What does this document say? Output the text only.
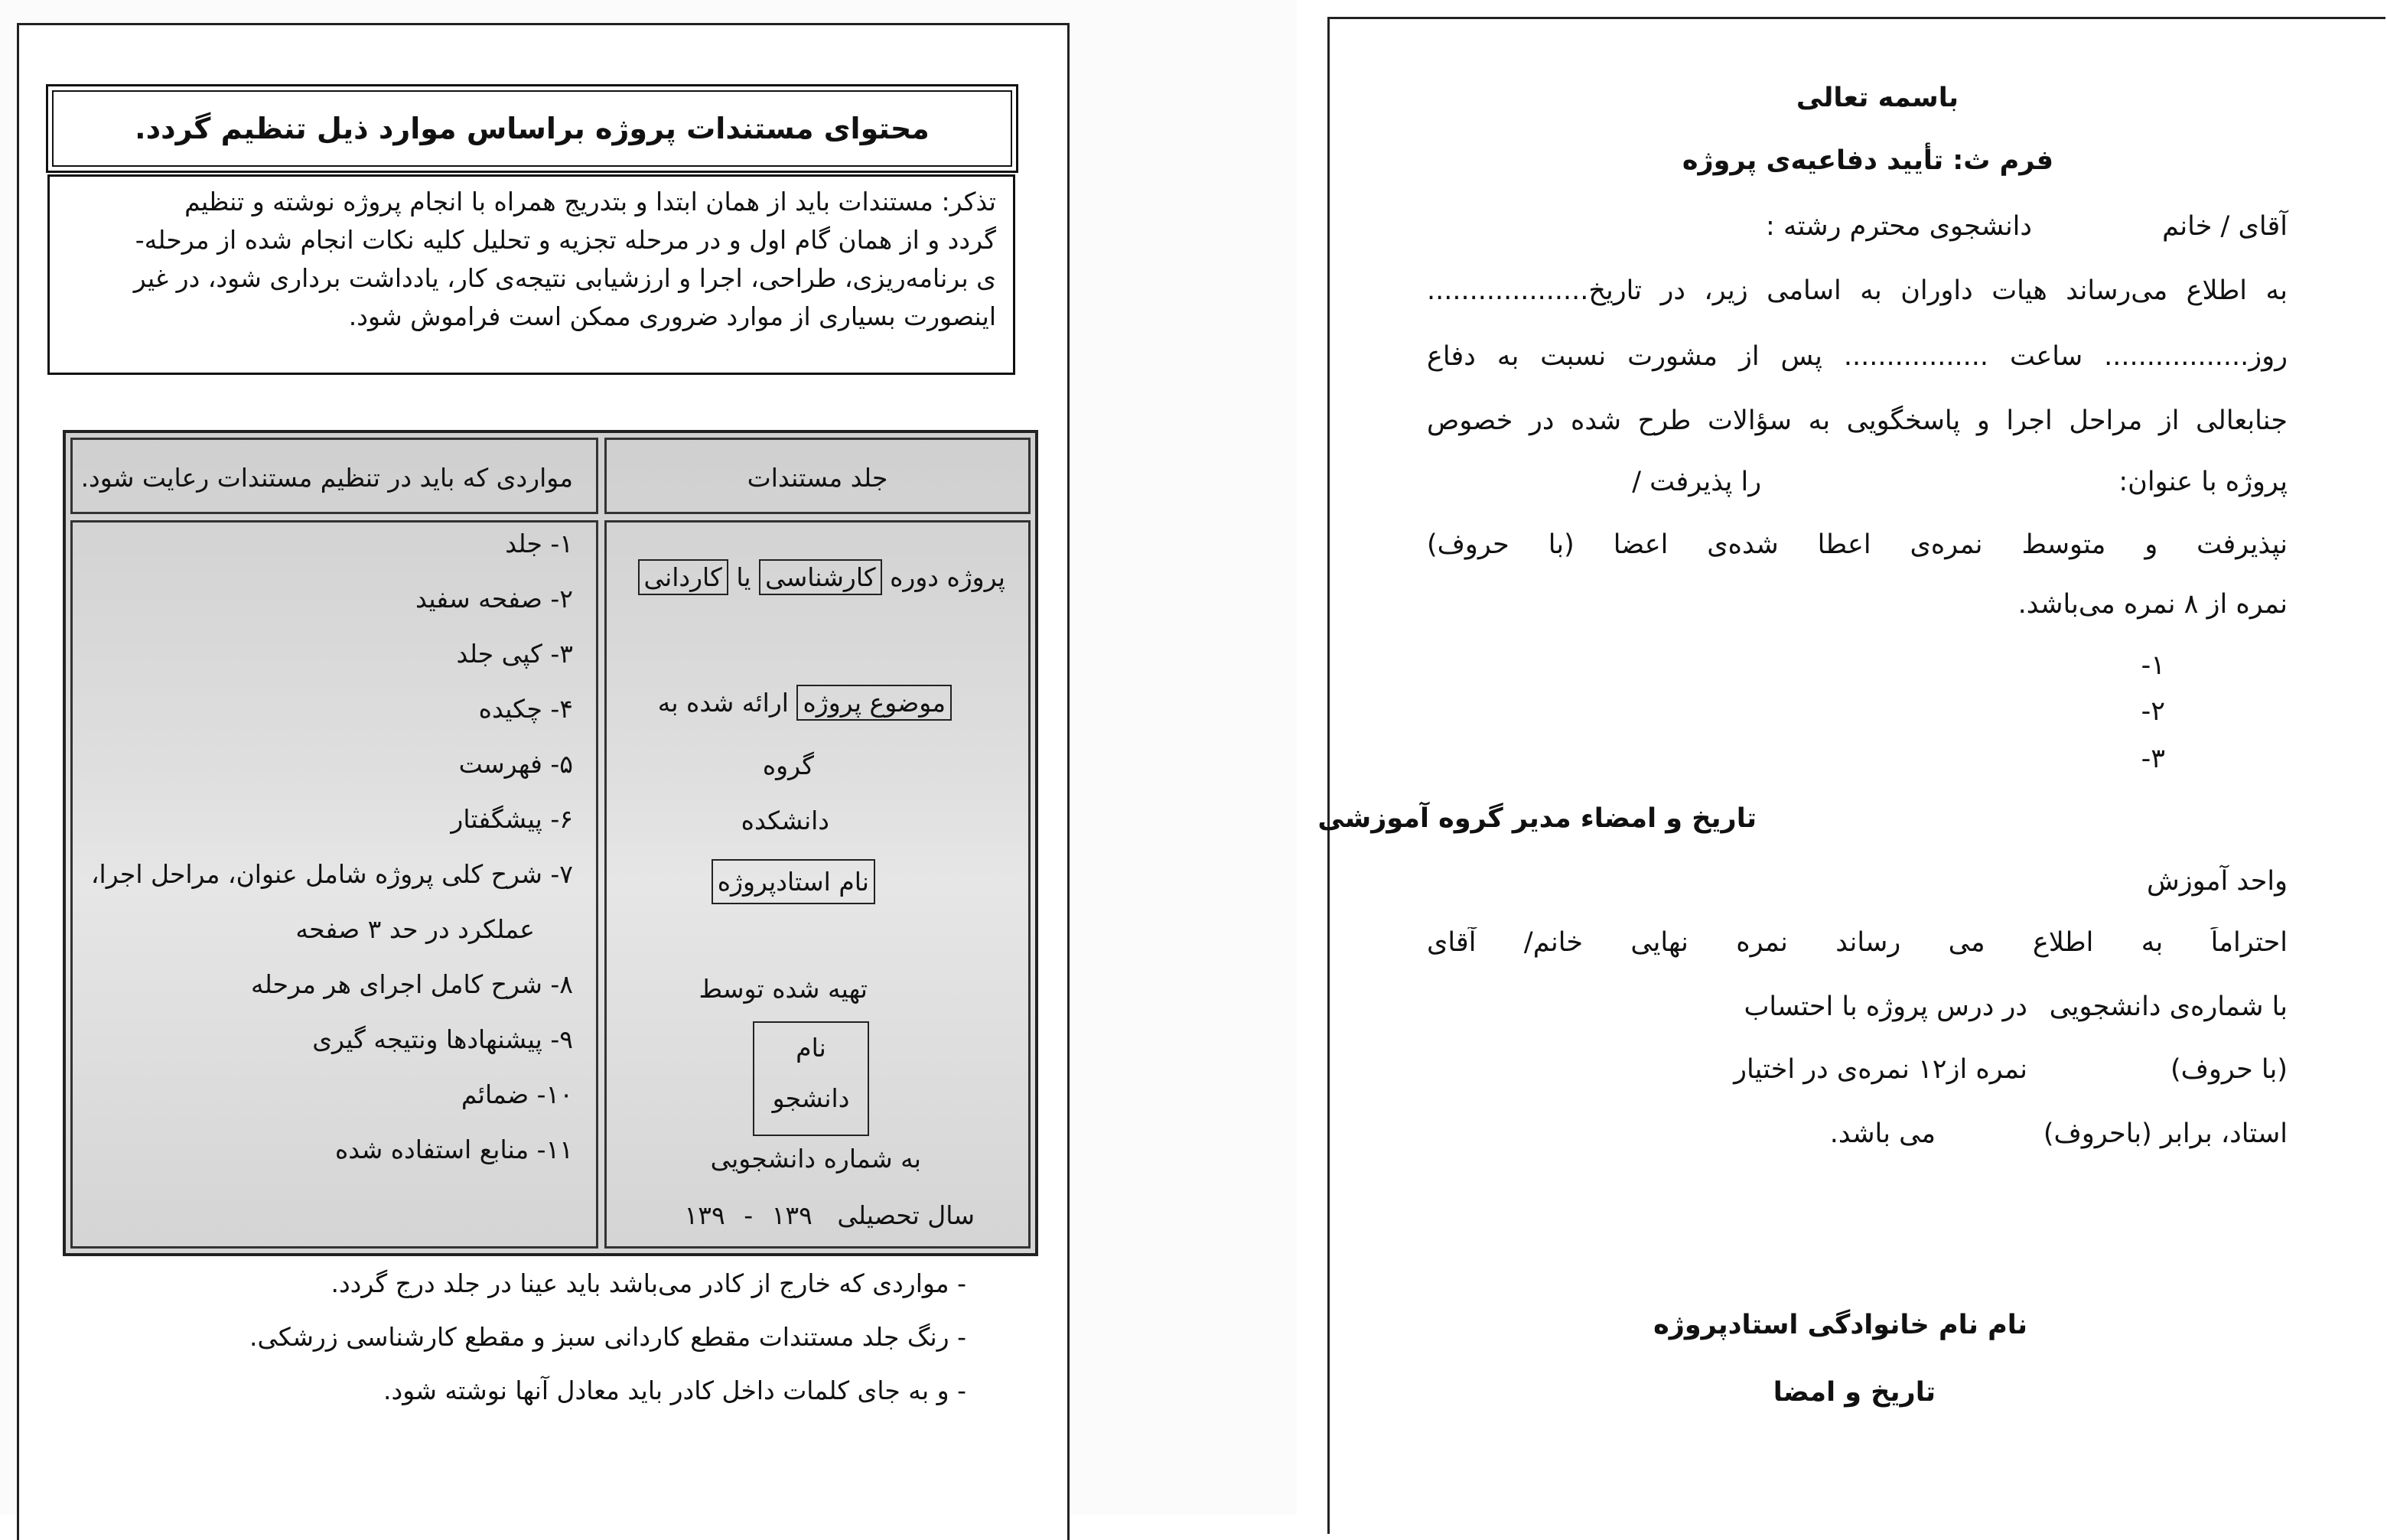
محتوای مستندات پروژه براساس موارد ذیل تنظیم گردد.

تذکر: مستندات باید از همان ابتدا و بتدریج همراه با انجام پروژه نوشته و تنظیم

گردد و از همان گام اول و در مرحله تجزیه و تحلیل کلیه نکات انجام شده از مرحله-

ی برنامه‌ریزی، طراحی، اجرا و ارزشیابی نتیجه‌ی کار، یادداشت برداری شود، در غیر

اینصورت بسیاری از موارد ضروری ممکن است فراموش شود.

مواردی که باید در تنظیم مستندات رعایت شود.	جلد مستندات
۱- جلد
۲- صفحه سفید
۳- کپی جلد
۴- چکیده
۵- فهرست
۶- پیشگفتار
۷- شرح کلی پروژه شامل عنوان، مراحل اجرا،
عملکرد در حد ۳ صفحه
۸- شرح کامل اجرای هر مرحله
۹- پیشنهادها ونتیجه گیری
۱۰- ضمائم
۱۱- منابع استفاده شده
پروژه دوره کارشناسی یا کاردانی
موضوع پروژه ارائه شده به
گروه
دانشکده
نام استادپروژه
تهیه شده توسط
نام
دانشجو
به شماره دانشجویی
سال تحصیلی ۱۳۹ - ۱۳۹
- مواردی که خارج از کادر می‌باشد باید عینا در جلد درج گردد.
- رنگ جلد مستندات مقطع کاردانی سبز و مقطع کارشناسی زرشکی.
- و به جای کلمات داخل کادر باید معادل آنها نوشته شود.
باسمه تعالی
فرم ث: تأیید دفاعیه‌ی پروژه
آقای / خانم
دانشجوی محترم رشته :
به اطلاع می‌رساند هیات داوران به اسامی زیر، در تاریخ...................
روز................. ساعت ................. پس از مشورت نسبت به دفاع
جنابعالی از مراحل اجرا و پاسخگویی به سؤالات طرح شده در خصوص
پروژه با عنوان:                                          را پذیرفت /
نپذیرفت و متوسط نمره‌ی اعطا شده‌ی اعضا (با حروف)
نمره از ۸ نمره می‌باشد.
-۱
-۲
-۳
تاریخ و امضاء مدیر گروه آموزشی
واحد آموزش
احتراماً به اطلاع می رساند نمره نهایی خانم/ آقای
با شماره‌ی دانشجویی
در درس پروژه با احتساب
(با حروف)
نمره از۱۲ نمره‌ی در اختیار
استاد، برابر (باحروف)
می باشد.
نام نام خانوادگی استادپروژه
تاریخ و امضا
